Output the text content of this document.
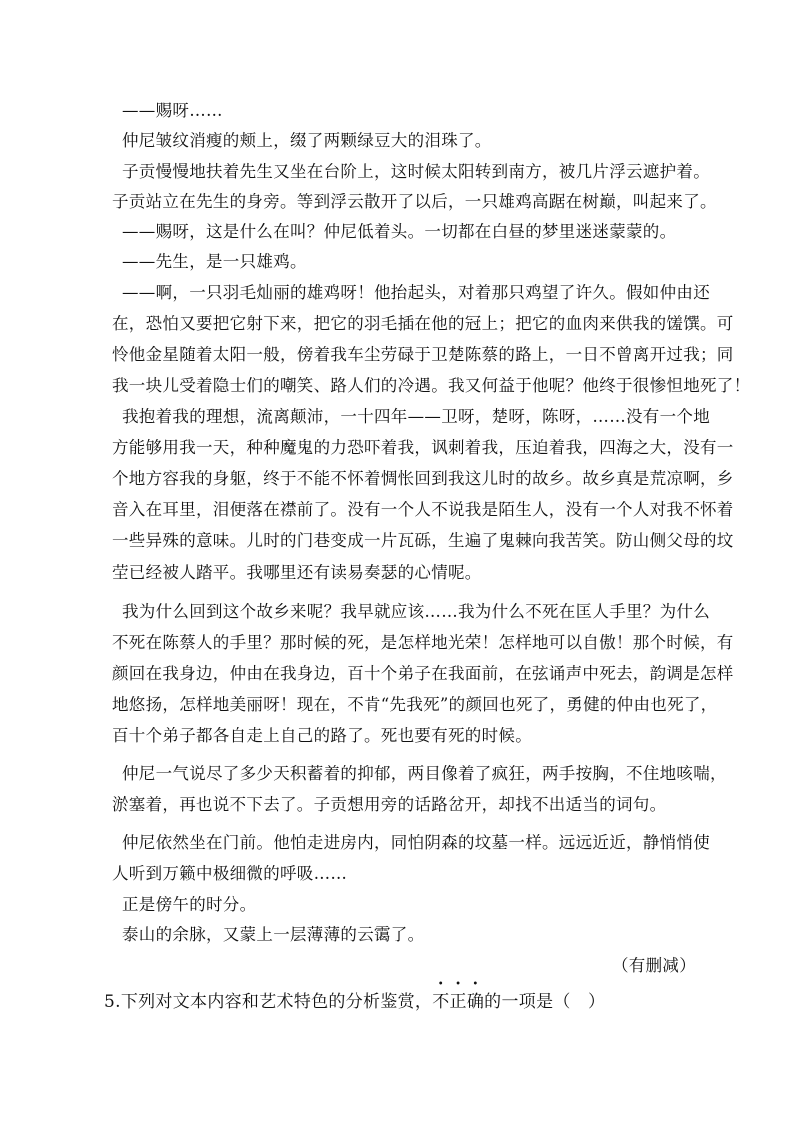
——赐呀……
仲尼皱纹消瘦的颊上，缀了两颗绿豆大的泪珠了。
子贡慢慢地扶着先生又坐在台阶上，这时候太阳转到南方，被几片浮云遮护着。
子贡站立在先生的身旁。等到浮云散开了以后，一只雄鸡高踞在树巅，叫起来了。
——赐呀，这是什么在叫？仲尼低着头。一切都在白昼的梦里迷迷蒙蒙的。
——先生，是一只雄鸡。
——啊，一只羽毛灿丽的雄鸡呀！他抬起头，对着那只鸡望了许久。假如仲由还
在，恐怕又要把它射下来，把它的羽毛插在他的冠上；把它的血肉来供我的馐馔。可
怜他金星随着太阳一般，傍着我车尘劳碌于卫楚陈蔡的路上，一日不曾离开过我；同
我一块儿受着隐士们的嘲笑、路人们的冷遇。我又何益于他呢？他终于很惨怛地死了！
我抱着我的理想，流离颠沛，一十四年——卫呀，楚呀，陈呀，……没有一个地
方能够用我一天，种种魔鬼的力恐吓着我，讽刺着我，压迫着我，四海之大，没有一
个地方容我的身躯，终于不能不怀着惆怅回到我这儿时的故乡。故乡真是荒凉啊，乡
音入在耳里，泪便落在襟前了。没有一个人不说我是陌生人，没有一个人对我不怀着
一些异殊的意味。儿时的门巷变成一片瓦砾，生遍了鬼棘向我苦笑。防山侧父母的坟
茔已经被人踏平。我哪里还有读易奏瑟的心情呢。
我为什么回到这个故乡来呢？我早就应该……我为什么不死在匡人手里？为什么
不死在陈蔡人的手里？那时候的死，是怎样地光荣！怎样地可以自傲！那个时候，有
颜回在我身边，仲由在我身边，百十个弟子在我面前，在弦诵声中死去，韵调是怎样
地悠扬，怎样地美丽呀！现在，不肯“先我死”的颜回也死了，勇健的仲由也死了，
百十个弟子都各自走上自己的路了。死也要有死的时候。
仲尼一气说尽了多少天积蓄着的抑郁，两目像着了疯狂，两手按胸，不住地咳喘，
淤塞着，再也说不下去了。子贡想用旁的话路岔开，却找不出适当的词句。
仲尼依然坐在门前。他怕走进房内，同怕阴森的坟墓一样。远远近近，静悄悄使
人听到万籁中极细微的呼吸……
正是傍午的时分。
泰山的余脉，又蒙上一层薄薄的云霭了。
（有删减）
5.下列对文本内容和艺术特色的分析鉴赏，不正确的一项是（　）
